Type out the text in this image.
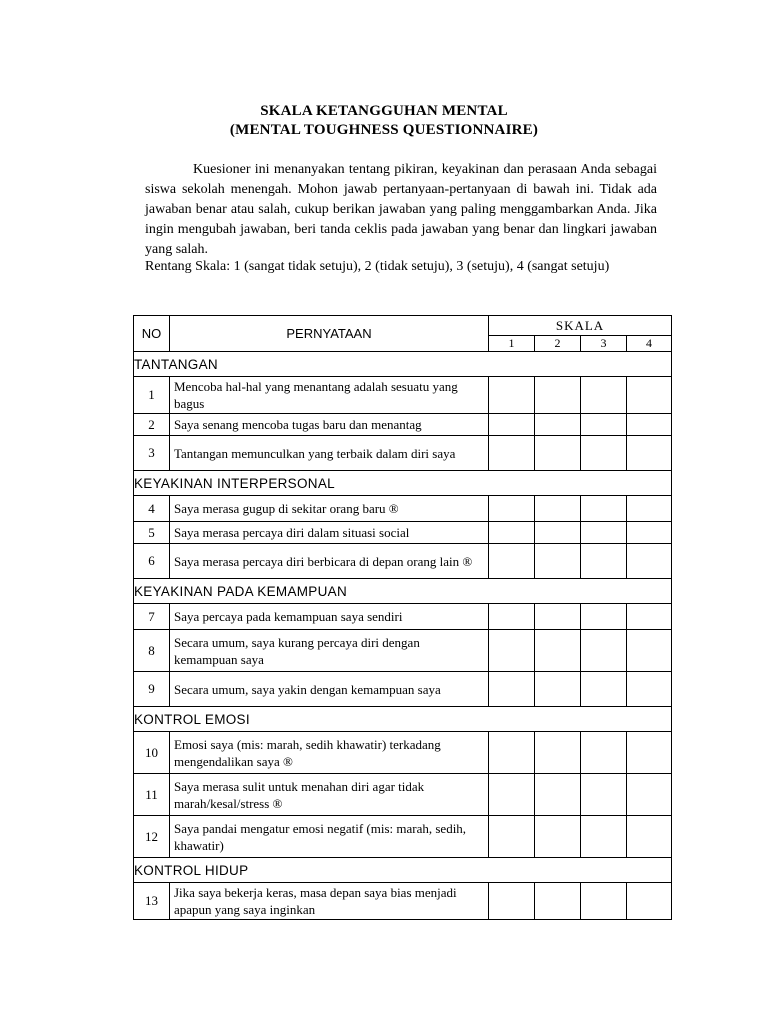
SKALA KETANGGUHAN MENTAL
(MENTAL TOUGHNESS QUESTIONNAIRE)

Kuesioner ini menanyakan tentang pikiran, keyakinan dan perasaan Anda sebagai siswa sekolah menengah. Mohon jawab pertanyaan-pertanyaan di bawah ini. Tidak ada jawaban benar atau salah, cukup berikan jawaban yang paling menggambarkan Anda. Jika ingin mengubah jawaban, beri tanda ceklis pada jawaban yang benar dan lingkari jawaban yang salah.

Rentang Skala: 1 (sangat tidak setuju), 2 (tidak setuju), 3 (setuju), 4 (sangat setuju)

NO	PERNYATAAN	SKALA			
		1	2	3	4
TANTANGAN					
1	Mencoba hal-hal yang menantang adalah sesuatu yang bagus				
2	Saya senang mencoba tugas baru dan menantag				
3	Tantangan memunculkan yang terbaik dalam diri saya				
KEYAKINAN INTERPERSONAL					
4	Saya merasa gugup di sekitar orang baru ®				
5	Saya merasa percaya diri dalam situasi social				
6	Saya merasa percaya diri berbicara di depan orang lain ®				
KEYAKINAN PADA KEMAMPUAN					
7	Saya percaya pada kemampuan saya sendiri				
8	Secara umum, saya kurang percaya diri dengan kemampuan saya				
9	Secara umum, saya yakin dengan kemampuan saya				
KONTROL EMOSI					
10	Emosi saya (mis: marah, sedih khawatir) terkadang mengendalikan saya ®				
11	Saya merasa sulit untuk menahan diri agar tidak marah/kesal/stress ®				
12	Saya pandai mengatur emosi negatif (mis: marah, sedih, khawatir)				
KONTROL HIDUP					
13	Jika saya bekerja keras, masa depan saya bias menjadi apapun yang saya inginkan				
